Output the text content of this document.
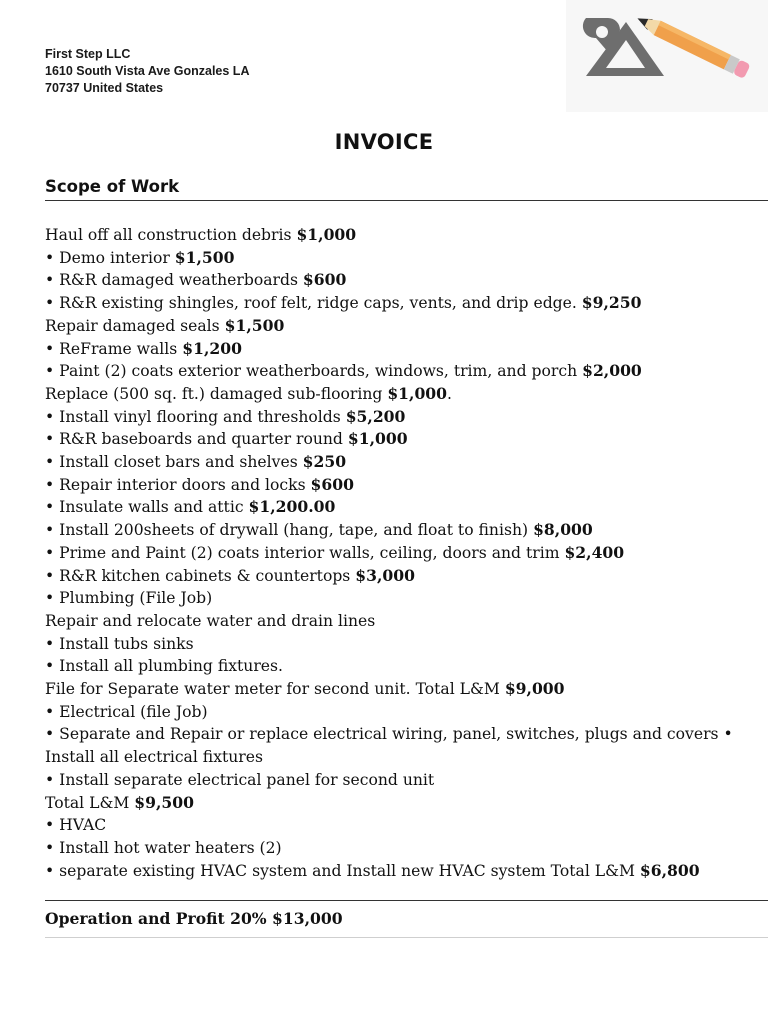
First Step LLC
1610 South Vista Ave Gonzales LA
70737 United States
INVOICE
Scope of Work
Haul off all construction debris $1,000
• Demo interior $1,500
• R&R damaged weatherboards $600
• R&R existing shingles, roof felt, ridge caps, vents, and drip edge. $9,250
Repair damaged seals $1,500
• ReFrame walls $1,200
• Paint (2) coats exterior weatherboards, windows, trim, and porch $2,000
Replace (500 sq. ft.) damaged sub-flooring $1,000.
• Install vinyl flooring and thresholds $5,200
• R&R baseboards and quarter round $1,000
• Install closet bars and shelves $250
• Repair interior doors and locks $600
• Insulate walls and attic $1,200.00
• Install 200sheets of drywall (hang, tape, and float to finish) $8,000
• Prime and Paint (2) coats interior walls, ceiling, doors and trim $2,400
• R&R kitchen cabinets & countertops $3,000
• Plumbing (File Job)
Repair and relocate water and drain lines
• Install tubs sinks
• Install all plumbing fixtures.
File for Separate water meter for second unit. Total L&M $9,000
• Electrical (file Job)
• Separate and Repair or replace electrical wiring, panel, switches, plugs and covers • Install all electrical fixtures
• Install separate electrical panel for second unit
Total L&M $9,500
• HVAC
• Install hot water heaters (2)
• separate existing HVAC system and Install new HVAC system Total L&M $6,800
Operation and Profit 20% $13,000
